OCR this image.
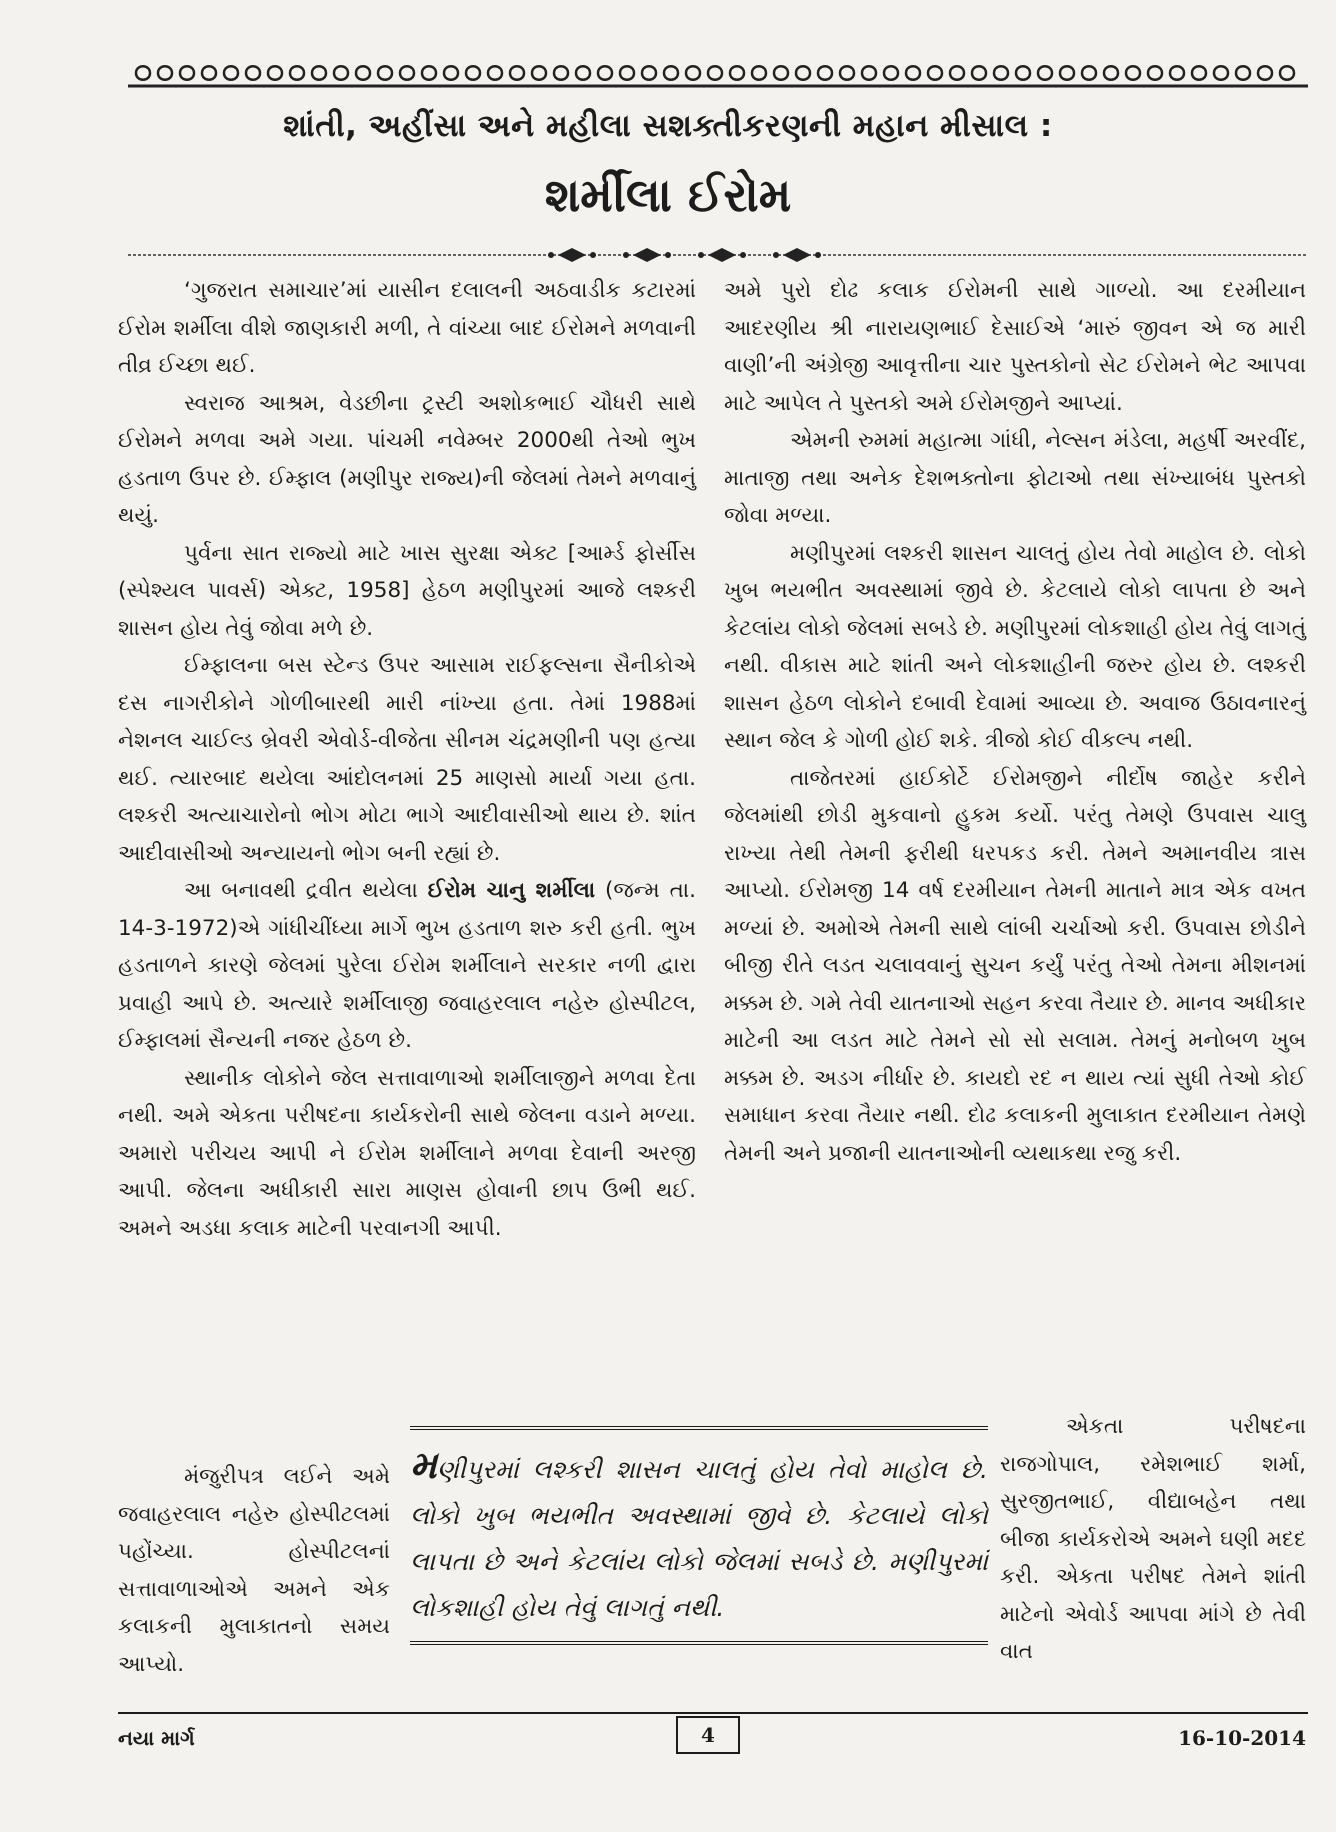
શાંતી, અહીંસા અને મહીલા સશક્તીકરણની મહાન મીસાલ :
શર્મીલા ઈરોમ

‘ગુજરાત સમાચાર’માં યાસીન દલાલની અઠવાડીક કટારમાં ઈરોમ શર્મીલા વીશે જાણકારી મળી, તે વાંચ્યા બાદ ઈરોમને મળવાની તીવ્ર ઈચ્છા થઈ.

સ્વરાજ આશ્રમ, વેડછીના ટ્રસ્ટી અશોકભાઈ ચૌધરી સાથે ઈરોમને મળવા અમે ગયા. પાંચમી નવેમ્બર 2000થી તેઓ ભુખ હડતાળ ઉપર છે. ઈમ્ફાલ (મણીપુર રાજ્ય)ની જેલમાં તેમને મળવાનું થયું.

પુર્વના સાત રાજ્યો માટે ખાસ સુરક્ષા એક્ટ [આર્મ્ડ ફોર્સીસ (સ્પેશ્યલ પાવર્સ) એક્ટ, 1958] હેઠળ મણીપુરમાં આજે લશ્કરી શાસન હોય તેવું જોવા મળે છે.

ઈમ્ફાલના બસ સ્ટેન્ડ ઉપર આસામ રાઈફલ્સના સૈનીકોએ દસ નાગરીકોને ગોળીબારથી મારી નાંખ્યા હતા. તેમાં 1988માં નેશનલ ચાઈલ્ડ બ્રેવરી એવોર્ડ-વીજેતા સીનમ ચંદ્રમણીની પણ હત્યા થઈ. ત્યારબાદ થયેલા આંદોલનમાં 25 માણસો માર્યા ગયા હતા. લશ્કરી અત્યાચારોનો ભોગ મોટા ભાગે આદીવાસીઓ થાય છે. શાંત આદીવાસીઓ અન્યાયનો ભોગ બની રહ્યાં છે.

આ બનાવથી દ્રવીત થયેલા ઈરોમ ચાનુ શર્મીલા (જન્મ તા. 14-3-1972)એ ગાંધીચીંધ્યા માર્ગે ભુખ હડતાળ શરુ કરી હતી. ભુખ હડતાળને કારણે જેલમાં પુરેલા ઈરોમ શર્મીલાને સરકાર નળી દ્વારા પ્રવાહી આપે છે. અત્યારે શર્મીલાજી જવાહરલાલ નહેરુ હોસ્પીટલ, ઈમ્ફાલમાં સૈન્યની નજર હેઠળ છે.

સ્થાનીક લોકોને જેલ સત્તાવાળાઓ શર્મીલાજીને મળવા દેતા નથી. અમે એકતા પરીષદના કાર્યકરોની સાથે જેલના વડાને મળ્યા. અમારો પરીચય આપી ને ઈરોમ શર્મીલાને મળવા દેવાની અરજી આપી. જેલના અધીકારી સારા માણસ હોવાની છાપ ઉભી થઈ. અમને અડધા કલાક માટેની પરવાનગી આપી.

મંજુરીપત્ર લઈને અમે જવાહરલાલ નહેરુ હોસ્પીટલમાં પહોંચ્યા. હોસ્પીટલનાં સત્તાવાળાઓએ અમને એક કલાકની મુલાકાતનો સમય આપ્યો.

મણીપુરમાં લશ્કરી શાસન ચાલતું હોય તેવો માહોલ છે. લોકો ખુબ ભયભીત અવસ્થામાં જીવે છે. કેટલાયે લોકો લાપતા છે અને કેટલાંય લોકો જેલમાં સબડે છે. મણીપુરમાં લોકશાહી હોય તેવું લાગતું નથી.

અમે પુરો દોઢ કલાક ઈરોમની સાથે ગાળ્યો. આ દરમીયાન આદરણીય શ્રી નારાયણભાઈ દેસાઈએ ‘મારું જીવન એ જ મારી વાણી’ની અંગ્રેજી આવૃત્તીના ચાર પુસ્તકોનો સેટ ઈરોમને ભેટ આપવા માટે આપેલ તે પુસ્તકો અમે ઈરોમજીને આપ્યાં.

એમની રુમમાં મહાત્મા ગાંધી, નેલ્સન મંડેલા, મહર્ષી અરવીંદ, માતાજી તથા અનેક દેશભક્તોના ફોટાઓ તથા સંખ્યાબંધ પુસ્તકો જોવા મળ્યા.

મણીપુરમાં લશ્કરી શાસન ચાલતું હોય તેવો માહોલ છે. લોકો ખુબ ભયભીત અવસ્થામાં જીવે છે. કેટલાયે લોકો લાપતા છે અને કેટલાંય લોકો જેલમાં સબડે છે. મણીપુરમાં લોકશાહી હોય તેવું લાગતું નથી. વીકાસ માટે શાંતી અને લોકશાહીની જરુર હોય છે. લશ્કરી શાસન હેઠળ લોકોને દબાવી દેવામાં આવ્યા છે. અવાજ ઉઠાવનારનું સ્થાન જેલ કે ગોળી હોઈ શકે. ત્રીજો કોઈ વીકલ્પ નથી.

તાજેતરમાં હાઈકોર્ટે ઈરોમજીને નીર્દોષ જાહેર કરીને જેલમાંથી છોડી મુકવાનો હુકમ કર્યો. પરંતુ તેમણે ઉપવાસ ચાલુ રાખ્યા તેથી તેમની ફરીથી ધરપકડ કરી. તેમને અમાનવીય ત્રાસ આપ્યો. ઈરોમજી 14 વર્ષ દરમીયાન તેમની માતાને માત્ર એક વખત મળ્યાં છે. અમોએ તેમની સાથે લાંબી ચર્ચાઓ કરી. ઉપવાસ છોડીને બીજી રીતે લડત ચલાવવાનું સુચન કર્યું પરંતુ તેઓ તેમના મીશનમાં મક્કમ છે. ગમે તેવી યાતનાઓ સહન કરવા તૈયાર છે. માનવ અધીકાર માટેની આ લડત માટે તેમને સો સો સલામ. તેમનું મનોબળ ખુબ મક્કમ છે. અડગ નીર્ધાર છે. કાયદો રદ ન થાય ત્યાં સુધી તેઓ કોઈ સમાધાન કરવા તૈયાર નથી. દોઢ કલાકની મુલાકાત દરમીયાન તેમણે તેમની અને પ્રજાની યાતનાઓની વ્યથાકથા રજુ કરી.

એકતા પરીષદના રાજગોપાલ, રમેશભાઈ શર્મા, સુરજીતભાઈ, વીદ્યાબહેન તથા બીજા કાર્યકરોએ અમને ઘણી મદદ કરી. એકતા પરીષદ તેમને શાંતી માટેનો એવોર્ડ આપવા માંગે છે તેવી વાત

નયા માર્ગ	4	16-10-2014
